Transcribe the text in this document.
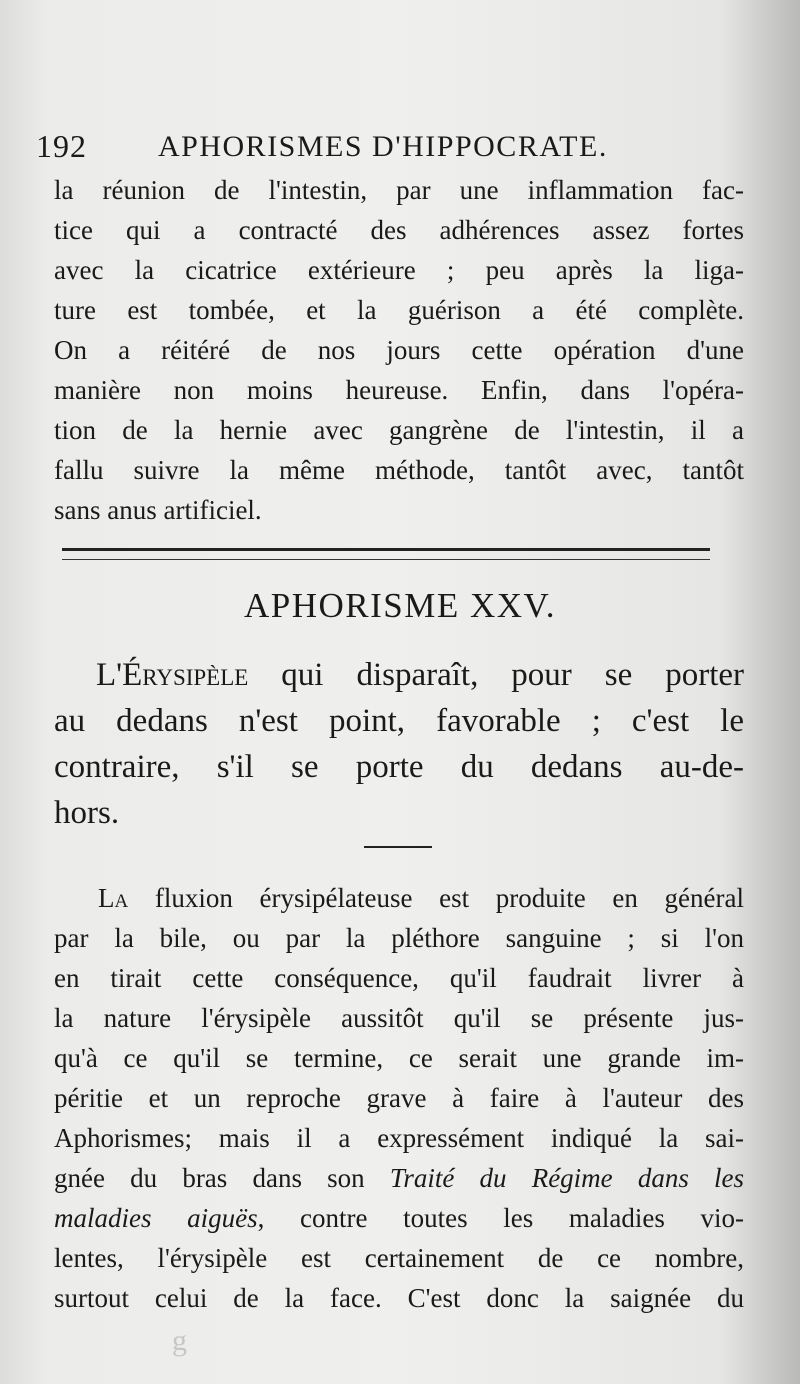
192 APHORISMES D'HIPPOCRATE.
la réunion de l'intestin, par une inflammation fac-
tice qui a contracté des adhérences assez fortes
avec la cicatrice extérieure ; peu après la liga-
ture est tombée, et la guérison a été complète.
On a réitéré de nos jours cette opération d'une
manière non moins heureuse. Enfin, dans l'opéra-
tion de la hernie avec gangrène de l'intestin, il a
fallu suivre la même méthode, tantôt avec, tantôt
sans anus artificiel.
APHORISME XXV.
L'Érysipèle qui disparaît, pour se porter
au dedans n'est point, favorable ; c'est le
contraire, s'il se porte du dedans au-de-
hors.
La fluxion érysipélateuse est produite en général
par la bile, ou par la pléthore sanguine ; si l'on
en tirait cette conséquence, qu'il faudrait livrer à
la nature l'érysipèle aussitôt qu'il se présente jus-
qu'à ce qu'il se termine, ce serait une grande im-
péritie et un reproche grave à faire à l'auteur des
Aphorismes; mais il a expressément indiqué la sai-
gnée du bras dans son Traité du Régime dans les
maladies aiguës, contre toutes les maladies vio-
lentes, l'érysipèle est certainement de ce nombre,
surtout celui de la face. C'est donc la saignée du
g
